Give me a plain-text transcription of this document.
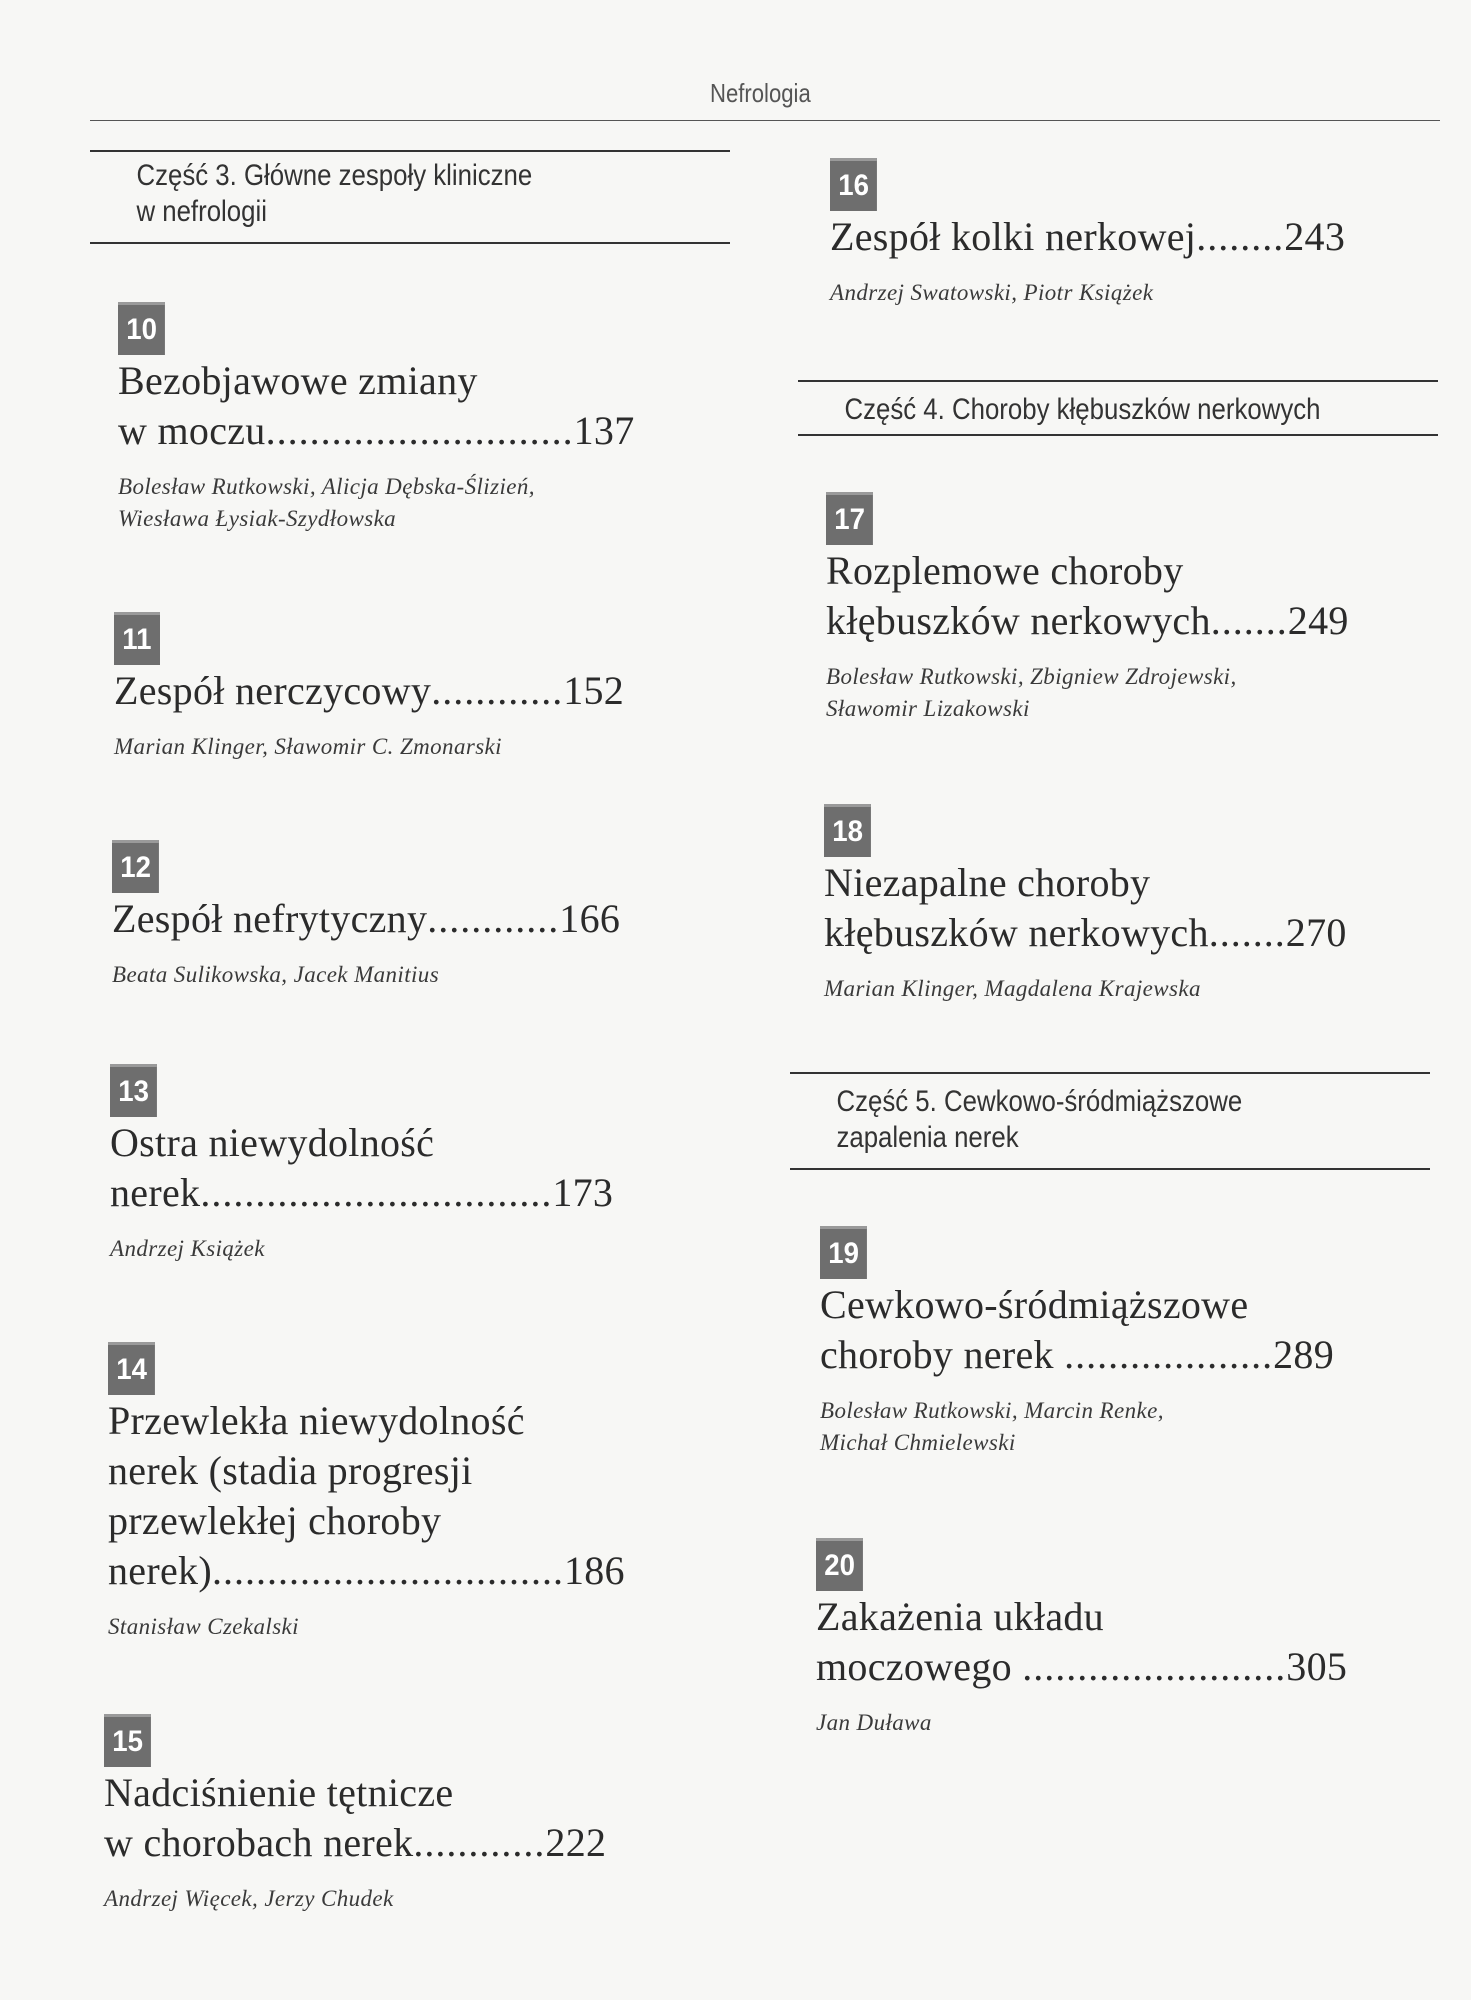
Nefrologia
Część 3. Główne zespoły kliniczne
w nefrologii
Część 4. Choroby kłębuszków nerkowych
Część 5. Cewkowo-śródmiąższowe
zapalenia nerek
10
Bezobjawowe zmiany
w moczu............................137
Bolesław Rutkowski, Alicja Dębska-Ślizień,
Wiesława Łysiak-Szydłowska
11
Zespół nerczycowy............152
Marian Klinger, Sławomir C. Zmonarski
12
Zespół nefrytyczny............166
Beata Sulikowska, Jacek Manitius
13
Ostra niewydolność
nerek................................173
Andrzej Książek
14
Przewlekła niewydolność
nerek (stadia progresji
przewlekłej choroby
nerek)................................186
Stanisław Czekalski
15
Nadciśnienie tętnicze
w chorobach nerek............222
Andrzej Więcek, Jerzy Chudek
16
Zespół kolki nerkowej........243
Andrzej Swatowski, Piotr Książek
17
Rozplemowe choroby
kłębuszków nerkowych.......249
Bolesław Rutkowski, Zbigniew Zdrojewski,
Sławomir Lizakowski
18
Niezapalne choroby
kłębuszków nerkowych.......270
Marian Klinger, Magdalena Krajewska
19
Cewkowo-śródmiąższowe
choroby nerek ...................289
Bolesław Rutkowski, Marcin Renke,
Michał Chmielewski
20
Zakażenia układu
moczowego ........................305
Jan Duława
